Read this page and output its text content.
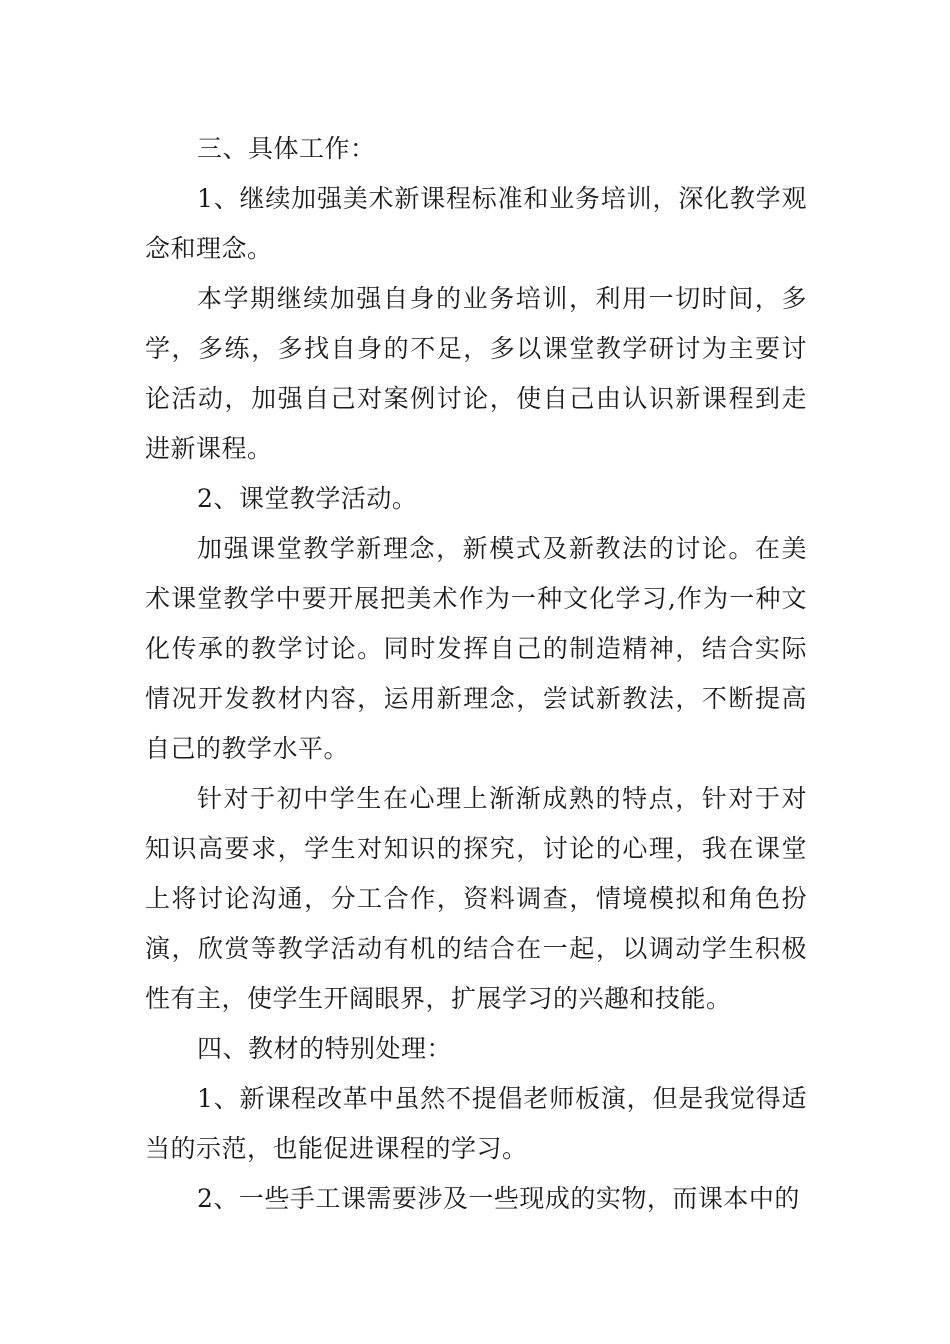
三、具体工作：

1、继续加强美术新课程标准和业务培训，深化教学观念和理念。

本学期继续加强自身的业务培训，利用一切时间，多学，多练，多找自身的不足，多以课堂教学研讨为主要讨论活动，加强自己对案例讨论，使自己由认识新课程到走进新课程。

2、课堂教学活动。

加强课堂教学新理念，新模式及新教法的讨论。在美术课堂教学中要开展把美术作为一种文化学习,作为一种文化传承的教学讨论。同时发挥自己的制造精神，结合实际情况开发教材内容，运用新理念，尝试新教法，不断提高自己的教学水平。

针对于初中学生在心理上渐渐成熟的特点，针对于对知识高要求，学生对知识的探究，讨论的心理，我在课堂上将讨论沟通，分工合作，资料调查，情境模拟和角色扮演，欣赏等教学活动有机的结合在一起，以调动学生积极性有主，使学生开阔眼界，扩展学习的兴趣和技能。

四、教材的特别处理：

1、新课程改革中虽然不提倡老师板演，但是我觉得适当的示范，也能促进课程的学习。

2、一些手工课需要涉及一些现成的实物，而课本中的
